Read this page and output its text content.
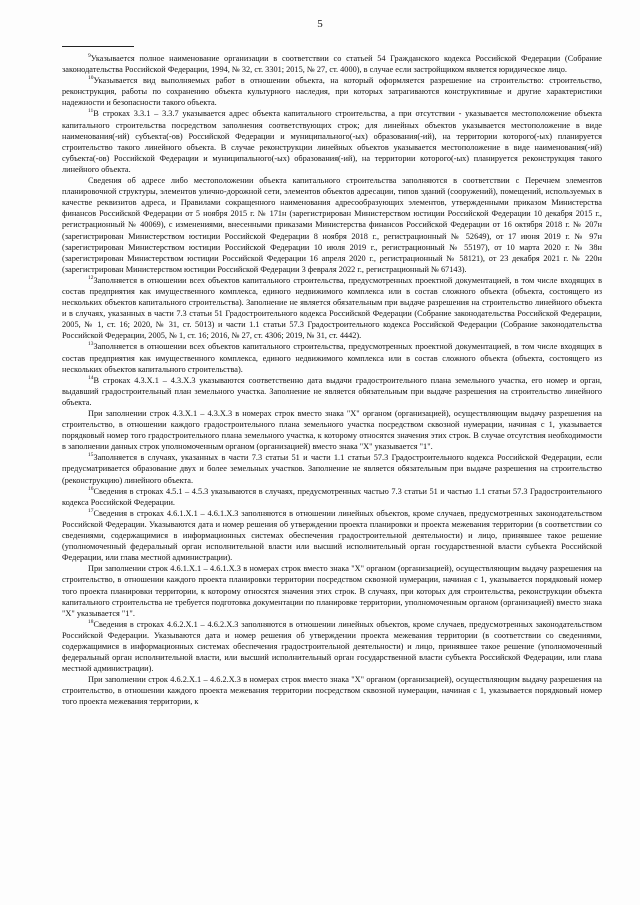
5

$^9$Указывается полное наименование организации в соответствии со статьей 54 Гражданского кодекса Российской Федерации (Собрание законодательства Российской Федерации, 1994, № 32, ст. 3301; 2015, № 27, ст. 4000), в случае если застройщиком является юридическое лицо.

$^{10}$Указывается вид выполняемых работ в отношении объекта, на который оформляется разрешение на строительство: строительство, реконструкция, работы по сохранению объекта культурного наследия, при которых затрагиваются конструктивные и другие характеристики надежности и безопасности такого объекта.

$^{11}$В строках 3.3.1 – 3.3.7 указывается адрес объекта капитального строительства, а при отсутствии - указывается местоположение объекта капитального строительства посредством заполнения соответствующих строк; для линейных объектов указывается местоположение в виде наименования(-ий) субъекта(-ов) Российской Федерации и муниципального(-ых) образования(-ий), на территории которого(-ых) планируется строительство такого линейного объекта. В случае реконструкции линейных объектов указывается местоположение в виде наименования(-ий) субъекта(-ов) Российской Федерации и муниципального(-ых) образования(-ий), на территории которого(-ых) планируется реконструкция такого линейного объекта.

Сведения об адресе либо местоположении объекта капитального строительства заполняются в соответствии с Перечнем элементов планировочной структуры, элементов улично-дорожной сети, элементов объектов адресации, типов зданий (сооружений), помещений, используемых в качестве реквизитов адреса, и Правилами сокращенного наименования адресообразующих элементов, утвержденными приказом Министерства финансов Российской Федерации от 5 ноября 2015 г. № 171н (зарегистрирован Министерством юстиции Российской Федерации 10 декабря 2015 г., регистрационный № 40069), с изменениями, внесенными приказами Министерства финансов Российской Федерации от 16 октября 2018 г. № 207н (зарегистрирован Министерством юстиции Российской Федерации 8 ноября 2018 г., регистрационный № 52649), от 17 июня 2019 г. № 97н (зарегистрирован Министерством юстиции Российской Федерации 10 июля 2019 г., регистрационный № 55197), от 10 марта 2020 г. № 38н (зарегистрирован Министерством юстиции Российской Федерации 16 апреля 2020 г., регистрационный № 58121), от 23 декабря 2021 г. № 220н (зарегистрирован Министерством юстиции Российской Федерации 3 февраля 2022 г., регистрационный № 67143).

$^{12}$Заполняется в отношении всех объектов капитального строительства, предусмотренных проектной документацией, в том числе входящих в состав предприятия как имущественного комплекса, единого недвижимого комплекса или в состав сложного объекта (объекта, состоящего из нескольких объектов капитального строительства). Заполнение не является обязательным при выдаче разрешения на строительство линейного объекта и в случаях, указанных в части 7.3 статьи 51 Градостроительного кодекса Российской Федерации (Собрание законодательства Российской Федерации, 2005, № 1, ст. 16; 2020, № 31, ст. 5013) и части 1.1 статьи 57.3 Градостроительного кодекса Российской Федерации (Собрание законодательства Российской Федерации, 2005, № 1, ст. 16; 2016, № 27, ст. 4306; 2019, № 31, ст. 4442).

$^{13}$Заполняется в отношении всех объектов капитального строительства, предусмотренных проектной документацией, в том числе входящих в состав предприятия как имущественного комплекса, единого недвижимого комплекса или в состав сложного объекта (объекта, состоящего из нескольких объектов капитального строительства).

$^{14}$В строках 4.3.Х.1 – 4.3.Х.3 указываются соответственно дата выдачи градостроительного плана земельного участка, его номер и орган, выдавший градостроительный план земельного участка. Заполнение не является обязательным при выдаче разрешения на строительство линейного объекта.

При заполнении строк 4.3.Х.1 – 4.3.Х.3 в номерах строк вместо знака "Х" органом (организацией), осуществляющим выдачу разрешения на строительство, в отношении каждого градостроительного плана земельного участка посредством сквозной нумерации, начиная с 1, указывается порядковый номер того градостроительного плана земельного участка, к которому относятся значения этих строк. В случае отсутствия необходимости в заполнении данных строк уполномоченным органом (организацией) вместо знака "Х" указывается "1".

$^{15}$Заполняется в случаях, указанных в части 7.3 статьи 51 и части 1.1 статьи 57.3 Градостроительного кодекса Российской Федерации, если предусматривается образование двух и более земельных участков. Заполнение не является обязательным при выдаче разрешения на строительство (реконструкцию) линейного объекта.

$^{16}$Сведения в строках 4.5.1 – 4.5.3 указываются в случаях, предусмотренных частью 7.3 статьи 51 и частью 1.1 статьи 57.3 Градостроительного кодекса Российской Федерации.

$^{17}$Сведения в строках 4.6.1.Х.1 – 4.6.1.Х.3 заполняются в отношении линейных объектов, кроме случаев, предусмотренных законодательством Российской Федерации. Указываются дата и номер решения об утверждении проекта планировки и проекта межевания территории (в соответствии со сведениями, содержащимися в информационных системах обеспечения градостроительной деятельности) и лицо, принявшее такое решение (уполномоченный федеральный орган исполнительной власти или высший исполнительный орган государственной власти субъекта Российской Федерации, или глава местной администрации).

При заполнении строк 4.6.1.Х.1 – 4.6.1.Х.3 в номерах строк вместо знака "Х" органом (организацией), осуществляющим выдачу разрешения на строительство, в отношении каждого проекта планировки территории посредством сквозной нумерации, начиная с 1, указывается порядковый номер того проекта планировки территории, к которому относятся значения этих строк. В случаях, при которых для строительства, реконструкции объекта капитального строительства не требуется подготовка документации по планировке территории, уполномоченным органом (организацией) вместо знака "Х" указывается "1".

$^{18}$Сведения в строках 4.6.2.Х.1 – 4.6.2.Х.3 заполняются в отношении линейных объектов, кроме случаев, предусмотренных законодательством Российской Федерации. Указываются дата и номер решения об утверждении проекта межевания территории (в соответствии со сведениями, содержащимися в информационных системах обеспечения градостроительной деятельности) и лицо, принявшее такое решение (уполномоченный федеральный орган исполнительной власти, или высший исполнительный орган государственной власти субъекта Российской Федерации, или глава местной администрации).

При заполнении строк 4.6.2.Х.1 – 4.6.2.Х.3 в номерах строк вместо знака "Х" органом (организацией), осуществляющим выдачу разрешения на строительство, в отношении каждого проекта межевания территории посредством сквозной нумерации, начиная с 1, указывается порядковый номер того проекта межевания территории, к
